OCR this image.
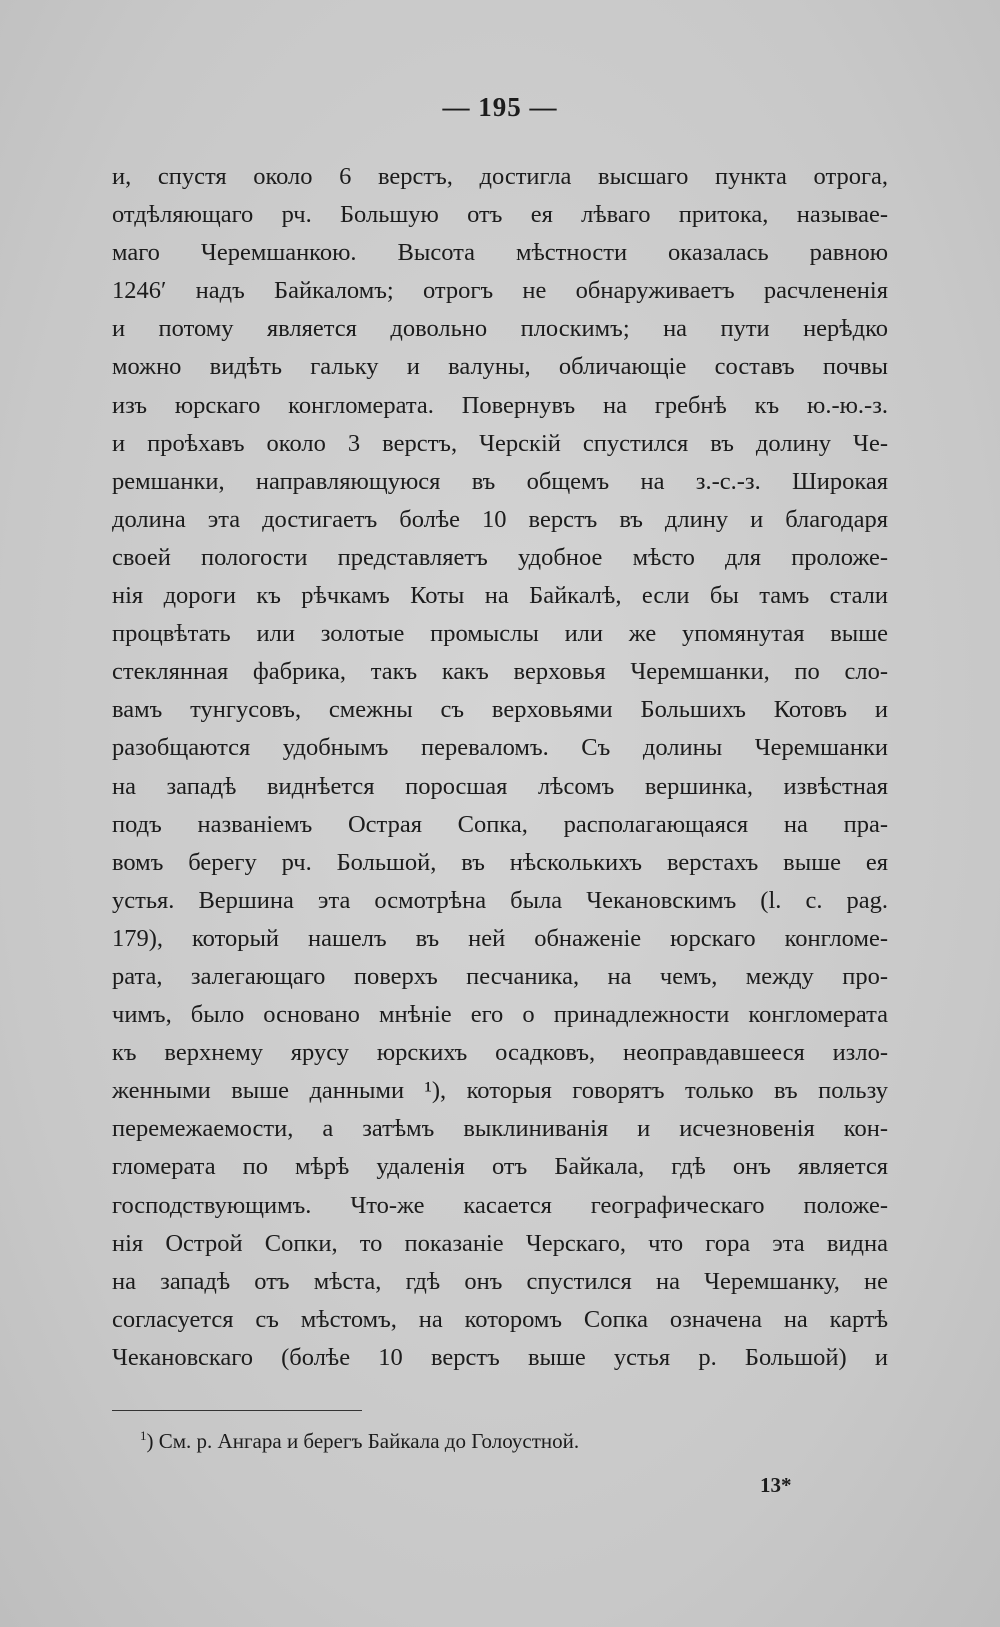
— 195 —
и, спустя около 6 верстъ, достигла высшаго пункта отрога,
отдѣляющаго рч. Большую отъ ея лѣваго притока, называе-
маго Черемшанкою. Высота мѣстности оказалась равною
1246′ надъ Байкаломъ; отрогъ не обнаруживаетъ расчлененія
и потому является довольно плоскимъ; на пути нерѣдко
можно видѣть гальку и валуны, обличающіе составъ почвы
изъ юрскаго конгломерата. Повернувъ на гребнѣ къ ю.-ю.-з.
и проѣхавъ около 3 верстъ, Черскій спустился въ долину Че-
ремшанки, направляющуюся въ общемъ на з.-с.-з. Широкая
долина эта достигаетъ болѣе 10 верстъ въ длину и благодаря
своей пологости представляетъ удобное мѣсто для проложе-
нія дороги къ рѣчкамъ Коты на Байкалѣ, если бы тамъ стали
процвѣтать или золотые промыслы или же упомянутая выше
стеклянная фабрика, такъ какъ верховья Черемшанки, по сло-
вамъ тунгусовъ, смежны съ верховьями Большихъ Котовъ и
разобщаются удобнымъ переваломъ. Съ долины Черемшанки
на западѣ виднѣется поросшая лѣсомъ вершинка, извѣстная
подъ названіемъ Острая Сопка, располагающаяся на пра-
вомъ берегу рч. Большой, въ нѣсколькихъ верстахъ выше ея
устья. Вершина эта осмотрѣна была Чекановскимъ (l. c. pag.
179), который нашелъ въ ней обнаженіе юрскаго конгломе-
рата, залегающаго поверхъ песчаника, на чемъ, между про-
чимъ, было основано мнѣніе его о принадлежности конгломерата
къ верхнему ярусу юрскихъ осадковъ, неоправдавшееся изло-
женными выше данными ¹), которыя говорятъ только въ пользу
перемежаемости, а затѣмъ выклиниванія и исчезновенія кон-
гломерата по мѣрѣ удаленія отъ Байкала, гдѣ онъ является
господствующимъ. Что-же касается географическаго положе-
нія Острой Сопки, то показаніе Черскаго, что гора эта видна
на западѣ отъ мѣста, гдѣ онъ спустился на Черемшанку, не
согласуется съ мѣстомъ, на которомъ Сопка означена на картѣ
Чекановскаго (болѣе 10 верстъ выше устья р. Большой) и
$^1$) См. р. Ангара и берегъ Байкала до Голоустной.
13*
